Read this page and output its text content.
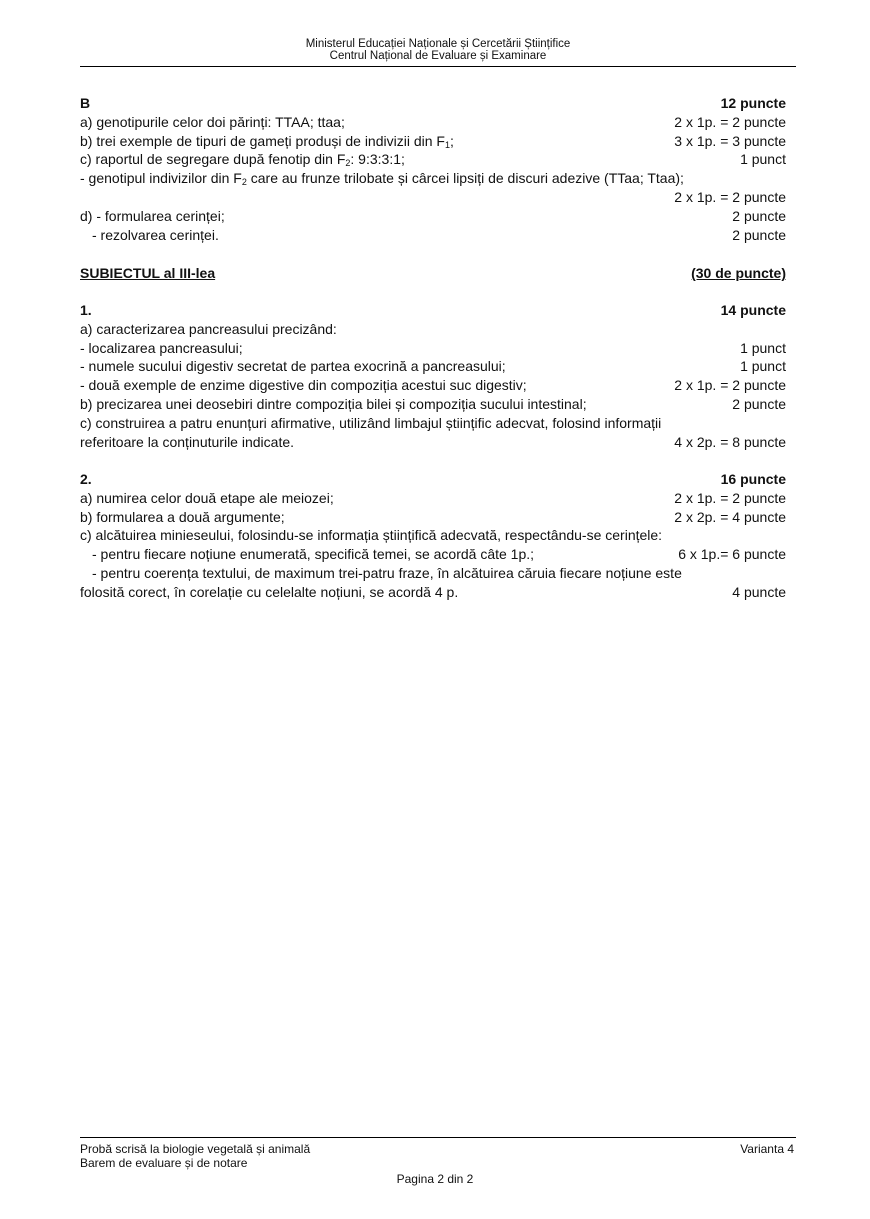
Ministerul Educației Naționale și Cercetării Științifice
Centrul Național de Evaluare și Examinare
B	12 puncte
a) genotipurile celor doi părinți: TTAA; ttaa;	2 x 1p. = 2 puncte
b) trei exemple de tipuri de gameți produși de indivizii din $F_1$;	3 x 1p. = 3 puncte
c) raportul de segregare după fenotip din $F_2$: 9:3:3:1;	1 punct
- genotipul indivizilor din $F_2$ care au frunze trilobate și cârcei lipsiți de discuri adezive (TTaa; Ttaa);
2 x 1p. = 2 puncte
d) - formularea cerinței;	2 puncte
- rezolvarea cerinței.	2 puncte
SUBIECTUL al III-lea	(30 de puncte)
1.	14 puncte
a) caracterizarea pancreasului precizând:
- localizarea pancreasului;	1 punct
- numele sucului digestiv secretat de partea exocrină a pancreasului;	1 punct
- două exemple de enzime digestive din compoziția acestui suc digestiv;	2 x 1p. = 2 puncte
b) precizarea unei deosebiri dintre compoziția bilei și compoziția sucului intestinal;	2 puncte
c) construirea a patru enunțuri afirmative, utilizând limbajul științific adecvat, folosind informații
referitoare la conținuturile indicate.	4 x 2p. = 8 puncte
2.	16 puncte
a) numirea celor două etape ale meiozei;	2 x 1p. = 2 puncte
b) formularea a două argumente;	2 x 2p. = 4 puncte
c) alcătuirea minieseului, folosindu-se informația științifică adecvată, respectându-se cerințele:
- pentru fiecare noțiune enumerată, specifică temei, se acordă câte 1p.;	6 x 1p.= 6 puncte
- pentru coerența textului, de maximum trei-patru fraze, în alcătuirea căruia fiecare noțiune este
folosită corect, în corelație cu celelalte noțiuni, se acordă 4 p.	4 puncte
Probă scrisă la biologie vegetală și animală
Barem de evaluare și de notare
Varianta 4
Pagina 2 din 2
